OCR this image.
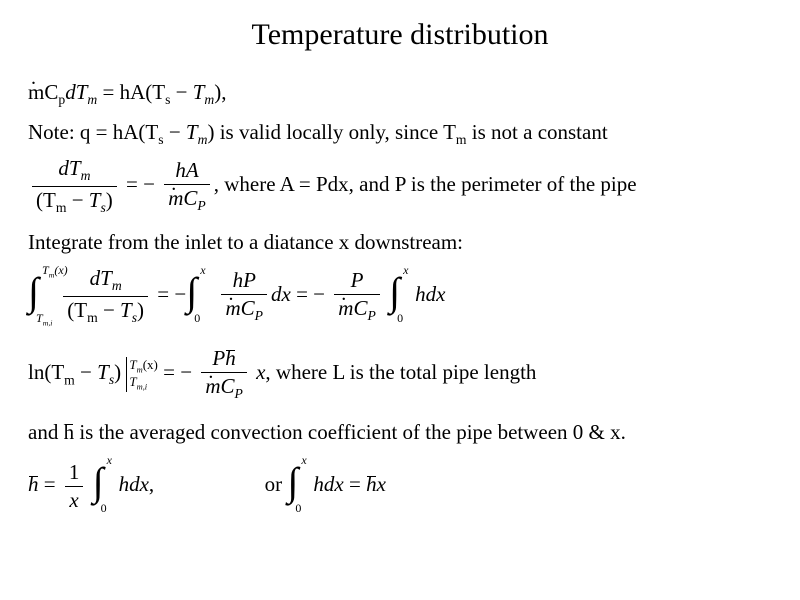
Temperature distribution
. $mC_pdT_m = hA(T_s - T_m)$,
Note: $q = hA(T_s - T_m)$ is valid locally only, since $T_m$ is not a constant
$\frac{dT_m}{(T_m - T_s)}$ = − hA
. $mC_P$ , where A = Pdx, and P is the perimeter of the pipe
Integrate from the inlet to a diatance x downstream:
∫ $T_m(x)$
$T_{m,i}$
$\frac{dT_m}{(T_m - T_s)}$ = − ∫ x
0
hP
. $mC_P$ dx = − P
. $mC_P$
∫ x
0
hdx
$\ln(T_m - T_s)$ $T_m(x)$
$T_{m,i}$ = − Ph
. $mC_P$ x, where L is the total pipe length
and h is the averaged convection coefficient of the pipe between 0 & x.
$h = \frac{1}{x}$
∫ x
0
hdx,	or ∫ x
0
hdx = hx
